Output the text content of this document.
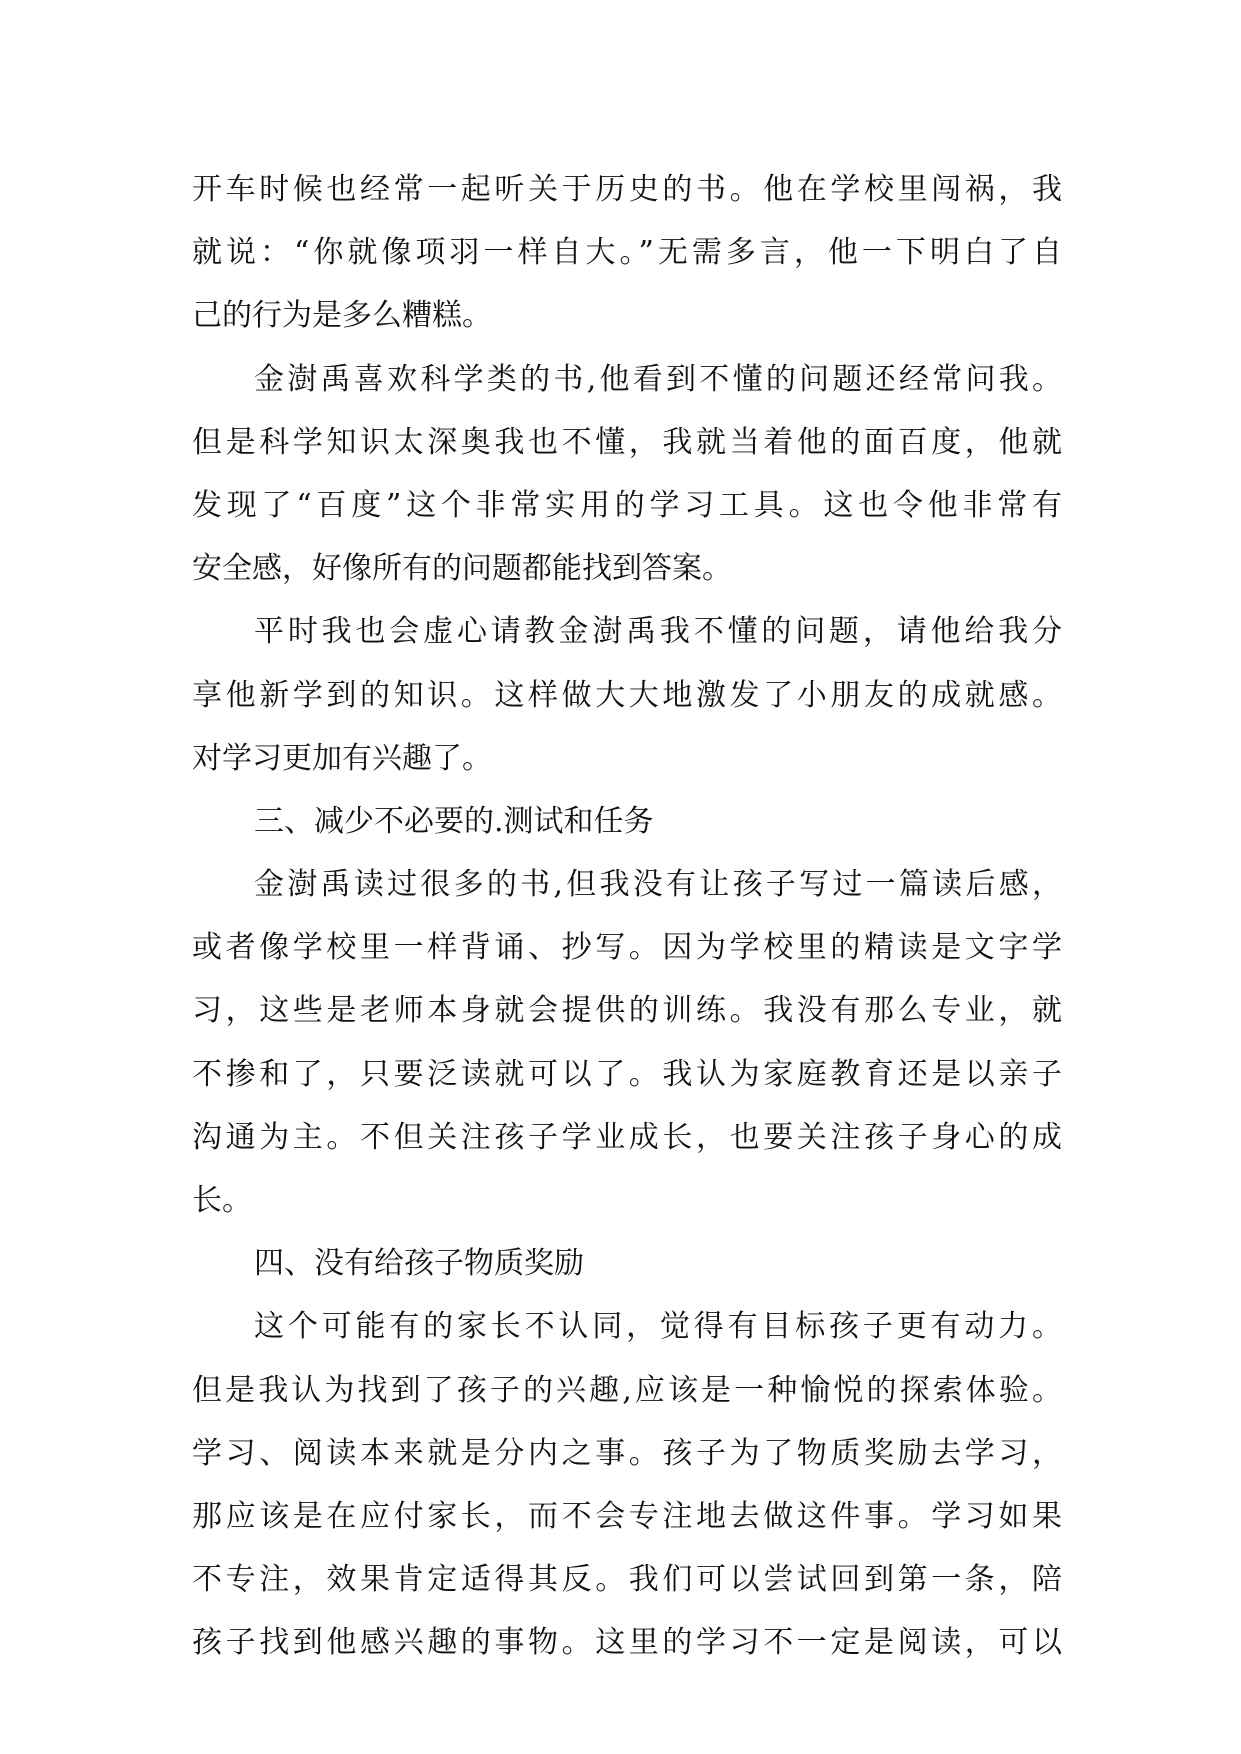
开车时候也经常一起听关于历史的书。他在学校里闯祸，我
就说：“你就像项羽一样自大。”无需多言，他一下明白了自
己的行为是多么糟糕。
金澍禹喜欢科学类的书,他看到不懂的问题还经常问我。
但是科学知识太深奥我也不懂，我就当着他的面百度，他就
发现了“百度”这个非常实用的学习工具。这也令他非常有
安全感，好像所有的问题都能找到答案。
平时我也会虚心请教金澍禹我不懂的问题，请他给我分
享他新学到的知识。这样做大大地激发了小朋友的成就感。
对学习更加有兴趣了。
三、减少不必要的.测试和任务
金澍禹读过很多的书,但我没有让孩子写过一篇读后感，
或者像学校里一样背诵、抄写。因为学校里的精读是文字学
习，这些是老师本身就会提供的训练。我没有那么专业，就
不掺和了，只要泛读就可以了。我认为家庭教育还是以亲子
沟通为主。不但关注孩子学业成长，也要关注孩子身心的成
长。
四、没有给孩子物质奖励
这个可能有的家长不认同，觉得有目标孩子更有动力。
但是我认为找到了孩子的兴趣,应该是一种愉悦的探索体验。
学习、阅读本来就是分内之事。孩子为了物质奖励去学习，
那应该是在应付家长，而不会专注地去做这件事。学习如果
不专注，效果肯定适得其反。我们可以尝试回到第一条，陪
孩子找到他感兴趣的事物。这里的学习不一定是阅读，可以
